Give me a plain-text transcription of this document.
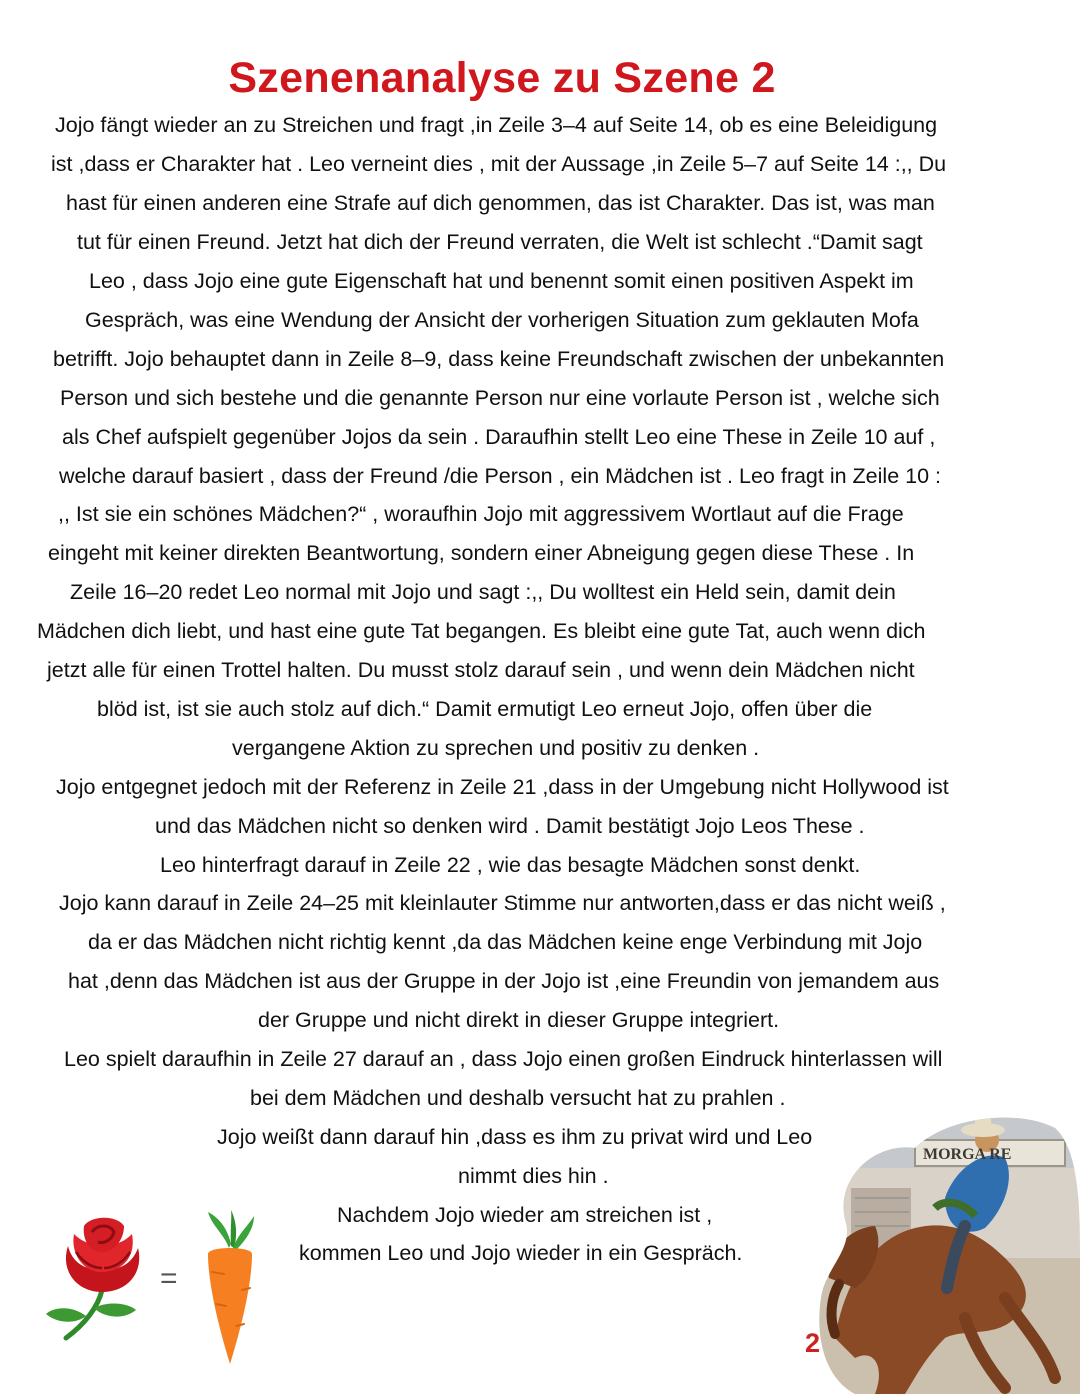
Szenenanalyse zu Szene 2
Jojo fängt wieder an zu Streichen und fragt ,in Zeile 3–4 auf Seite 14, ob es eine Beleidigung
ist ,dass er Charakter hat . Leo verneint dies , mit der Aussage ,in Zeile 5–7 auf Seite 14 :,, Du
hast für einen anderen eine Strafe auf dich genommen, das ist Charakter. Das ist, was man
tut für einen Freund. Jetzt hat dich der Freund verraten, die Welt ist schlecht .“Damit sagt
Leo , dass Jojo eine gute Eigenschaft hat und benennt somit einen positiven Aspekt im
Gespräch, was eine Wendung der Ansicht der vorherigen Situation zum geklauten Mofa
betrifft. Jojo behauptet dann in Zeile 8–9, dass keine Freundschaft zwischen der unbekannten
Person und sich bestehe und die genannte Person nur eine vorlaute Person ist , welche sich
als Chef aufspielt gegenüber Jojos da sein . Daraufhin stellt Leo eine These in Zeile 10 auf ,
welche darauf basiert , dass der Freund /die Person , ein Mädchen ist . Leo fragt in Zeile 10 :
,, Ist sie ein schönes Mädchen?“ , woraufhin Jojo mit aggressivem Wortlaut auf die Frage
eingeht mit keiner direkten Beantwortung, sondern einer Abneigung gegen diese These . In
Zeile 16–20 redet Leo normal mit Jojo und sagt :,, Du wolltest ein Held sein, damit dein
Mädchen dich liebt, und hast eine gute Tat begangen. Es bleibt eine gute Tat, auch wenn dich
jetzt alle für einen Trottel halten. Du musst stolz darauf sein , und wenn dein Mädchen nicht
blöd ist, ist sie auch stolz auf dich.“ Damit ermutigt Leo erneut Jojo, offen über die
vergangene Aktion zu sprechen und positiv zu denken .
Jojo entgegnet jedoch mit der Referenz in Zeile 21 ,dass in der Umgebung nicht Hollywood ist
und das Mädchen nicht so denken wird . Damit bestätigt Jojo Leos These .
Leo hinterfragt darauf in Zeile 22 , wie das besagte Mädchen sonst denkt.
Jojo kann darauf in Zeile 24–25 mit kleinlauter Stimme nur antworten,dass er das nicht weiß ,
da er das Mädchen nicht richtig kennt ,da das Mädchen keine enge Verbindung mit Jojo
hat ,denn das Mädchen ist aus der Gruppe in der Jojo ist ,eine Freundin von jemandem aus
der Gruppe und nicht direkt in dieser Gruppe integriert.
Leo spielt daraufhin in Zeile 27 darauf an , dass Jojo einen großen Eindruck hinterlassen will
bei dem Mädchen und deshalb versucht hat zu prahlen .
Jojo weißt dann darauf hin ,dass es ihm zu privat wird und Leo
nimmt dies hin .
Nachdem Jojo wieder am streichen ist ,
kommen Leo und Jojo wieder in ein Gespräch.
=
MORGA RE
2
